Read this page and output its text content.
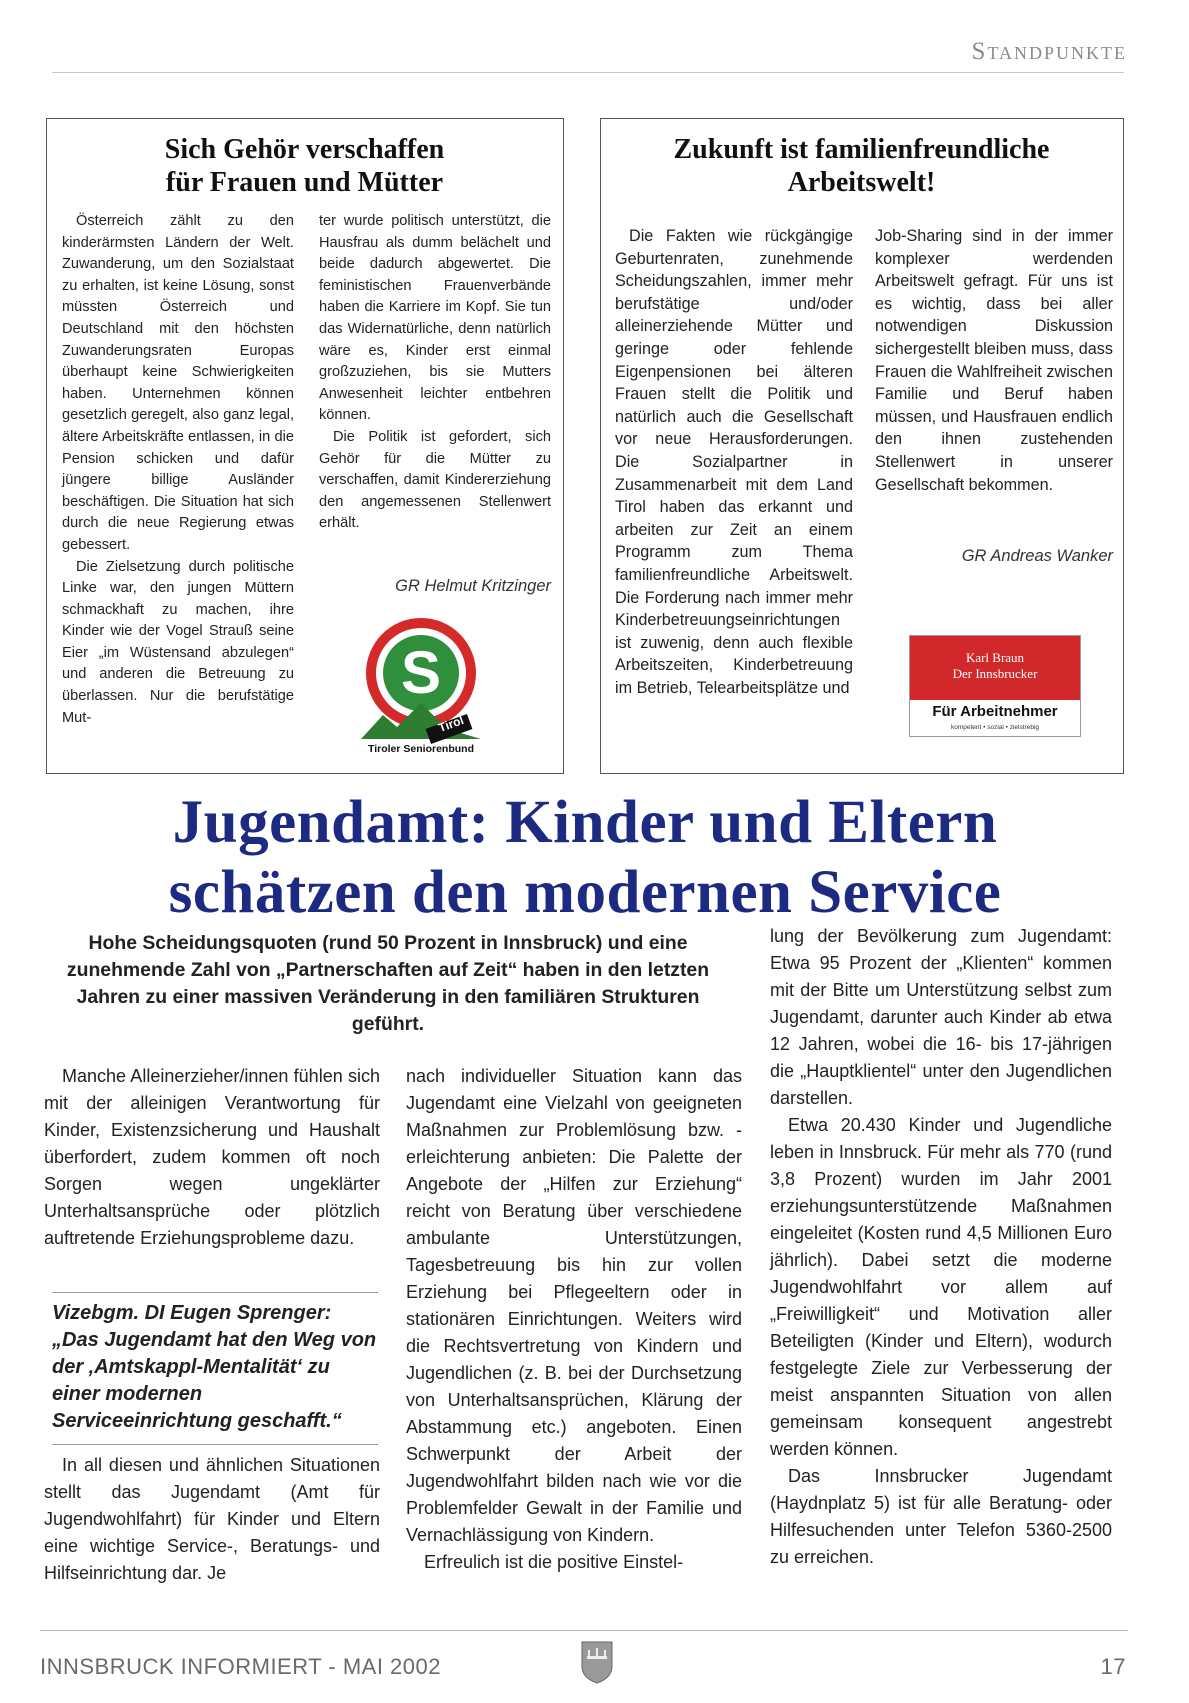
Standpunkte
Sich Gehör verschaffen
für Frauen und Mütter

Österreich zählt zu den kinderärmsten Ländern der Welt. Zuwanderung, um den Sozialstaat zu erhalten, ist keine Lösung, sonst müssten Österreich und Deutschland mit den höchsten Zuwanderungsraten Europas überhaupt keine Schwierigkeiten haben. Unternehmen können gesetzlich geregelt, also ganz legal, ältere Arbeitskräfte entlassen, in die Pension schicken und dafür jüngere billige Ausländer beschäftigen. Die Situation hat sich durch die neue Regierung etwas gebessert.

Die Zielsetzung durch politische Linke war, den jungen Müttern schmackhaft zu machen, ihre Kinder wie der Vogel Strauß seine Eier „im Wüstensand abzulegen“ und anderen die Betreuung zu überlassen. Nur die berufstätige Mut-

ter wurde politisch unterstützt, die Hausfrau als dumm belächelt und beide dadurch abgewertet. Die feministischen Frauenverbände haben die Karriere im Kopf. Sie tun das Widernatürliche, denn natürlich wäre es, Kinder erst einmal großzuziehen, bis sie Mutters Anwesenheit leichter entbehren können.

Die Politik ist gefordert, sich Gehör für die Mütter zu verschaffen, damit Kindererziehung den angemessenen Stellenwert erhält.

GR Helmut Kritzinger
S
Tirol
Tiroler Seniorenbund
Zukunft ist familienfreundliche
Arbeitswelt!

Die Fakten wie rückgängige Geburtenraten, zunehmende Scheidungszahlen, immer mehr berufstätige und/oder alleinerziehende Mütter und geringe oder fehlende Eigenpensionen bei älteren Frauen stellt die Politik und natürlich auch die Gesellschaft vor neue Herausforderungen. Die Sozialpartner in Zusammenarbeit mit dem Land Tirol haben das erkannt und arbeiten zur Zeit an einem Programm zum Thema familienfreundliche Arbeitswelt. Die Forderung nach immer mehr Kinderbetreuungseinrichtungen ist zuwenig, denn auch flexible Arbeitszeiten, Kinderbetreuung im Betrieb, Telearbeitsplätze und

Job-Sharing sind in der immer komplexer werdenden Arbeitswelt gefragt. Für uns ist es wichtig, dass bei aller notwendigen Diskussion sichergestellt bleiben muss, dass Frauen die Wahlfreiheit zwischen Familie und Beruf haben müssen, und Hausfrauen endlich den ihnen zustehenden Stellenwert in unserer Gesellschaft bekommen.

GR Andreas Wanker
Karl Braun
Der Innsbrucker
Für Arbeitnehmer
kompetent • sozial • zielstrebig
Jugendamt: Kinder und Eltern
schätzen den modernen Service
Hohe Scheidungsquoten (rund 50 Prozent in Innsbruck) und eine zunehmende Zahl von „Partnerschaften auf Zeit“ haben in den letzten Jahren zu einer massiven Veränderung in den familiären Strukturen geführt.

Manche Alleinerzieher/innen fühlen sich mit der alleinigen Verantwortung für Kinder, Existenzsicherung und Haushalt überfordert, zudem kommen oft noch Sorgen wegen ungeklärter Unterhaltsansprüche oder plötzlich auftretende Erziehungsprobleme dazu.

Vizebgm. DI Eugen Sprenger:
„Das Jugendamt hat den Weg von der ‚Amtskappl-Mentalität‘ zu einer modernen Serviceeinrichtung geschafft.“

In all diesen und ähnlichen Situationen stellt das Jugendamt (Amt für Jugendwohlfahrt) für Kinder und Eltern eine wichtige Service-, Beratungs- und Hilfseinrichtung dar. Je

nach individueller Situation kann das Jugendamt eine Vielzahl von geeigneten Maßnahmen zur Problemlösung bzw. -erleichterung anbieten: Die Palette der Angebote der „Hilfen zur Erziehung“ reicht von Beratung über verschiedene ambulante Unterstützungen, Tagesbetreuung bis hin zur vollen Erziehung bei Pflegeeltern oder in stationären Einrichtungen. Weiters wird die Rechtsvertretung von Kindern und Jugendlichen (z. B. bei der Durchsetzung von Unterhaltsansprüchen, Klärung der Abstammung etc.) angeboten. Einen Schwerpunkt der Arbeit der Jugendwohlfahrt bilden nach wie vor die Problemfelder Gewalt in der Familie und Vernachlässigung von Kindern.

Erfreulich ist die positive Einstel-

lung der Bevölkerung zum Jugendamt: Etwa 95 Prozent der „Klienten“ kommen mit der Bitte um Unterstützung selbst zum Jugendamt, darunter auch Kinder ab etwa 12 Jahren, wobei die 16- bis 17-jährigen die „Hauptklientel“ unter den Jugendlichen darstellen.

Etwa 20.430 Kinder und Jugendliche leben in Innsbruck. Für mehr als 770 (rund 3,8 Prozent) wurden im Jahr 2001 erziehungsunterstützende Maßnahmen eingeleitet (Kosten rund 4,5 Millionen Euro jährlich). Dabei setzt die moderne Jugendwohlfahrt vor allem auf „Freiwilligkeit“ und Motivation aller Beteiligten (Kinder und Eltern), wodurch festgelegte Ziele zur Verbesserung der meist anspannten Situation von allen gemeinsam konsequent angestrebt werden können.

Das Innsbrucker Jugendamt (Haydnplatz 5) ist für alle Beratung- oder Hilfesuchenden unter Telefon 5360-2500 zu erreichen.

INNSBRUCK INFORMIERT - MAI 2002	17
